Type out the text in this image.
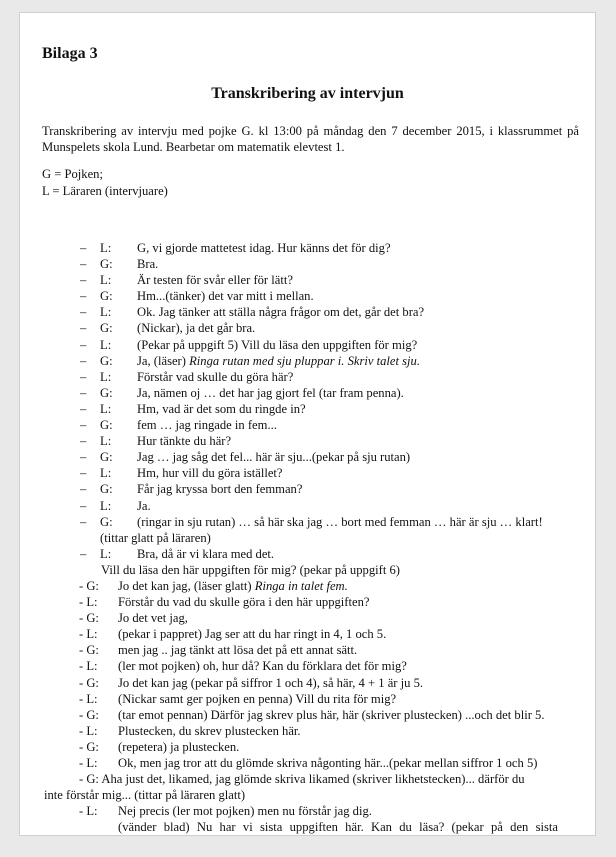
Bilaga 3
Transkribering av intervjun
Transkribering av intervju med pojke G. kl 13:00 på måndag den 7 december 2015, i klassrummet på Munspelets skola Lund. Bearbetar om matematik elevtest 1.
G = Pojken;
L = Läraren (intervjuare)
– L: G, vi gjorde mattetest idag. Hur känns det för dig?
– G: Bra.
– L: Är testen för svår eller för lätt?
– G: Hm...(tänker) det var mitt i mellan.
– L: Ok. Jag tänker att ställa några frågor om det, går det bra?
– G: (Nickar), ja det går bra.
– L: (Pekar på uppgift 5) Vill du läsa den uppgiften för mig?
– G: Ja, (läser) Ringa rutan med sju pluppar i. Skriv talet sju.
– L: Förstår vad skulle du göra här?
– G: Ja, nämen oj … det har jag gjort fel (tar fram penna).
– L: Hm, vad är det som du ringde in?
– G: fem … jag ringade in fem...
– L: Hur tänkte du här?
– G: Jag … jag såg det fel... här är sju...(pekar på sju rutan)
– L: Hm, hur vill du göra istället?
– G: Får jag kryssa bort den femman?
– L: Ja.
– G: (ringar in sju rutan) … så här ska jag … bort med femman … här är sju … klart!
(tittar glatt på läraren)
– L: Bra, då är vi klara med det.
Vill du läsa den här uppgiften för mig? (pekar på uppgift 6)
- G: Jo det kan jag, (läser glatt) Ringa in talet fem.
- L: Förstår du vad du skulle göra i den här uppgiften?
- G: Jo det vet jag,
- L: (pekar i pappret) Jag ser att du har ringt in 4, 1 och 5.
- G: men jag .. jag tänkt att lösa det på ett annat sätt.
- L: (ler mot pojken) oh, hur då? Kan du förklara det för mig?
- G: Jo det kan jag (pekar på siffror 1 och 4), så här, 4 + 1 är ju 5.
- L: (Nickar samt ger pojken en penna) Vill du rita för mig?
- G: (tar emot pennan) Därför jag skrev plus här, här (skriver plustecken) ...och det blir 5.
- L: Plustecken, du skrev plustecken här.
- G: (repetera) ja plustecken.
- L: Ok, men jag tror att du glömde skriva någonting här...(pekar mellan siffror 1 och 5)
- G: Aha just det, likamed, jag glömde skriva likamed (skriver likhetstecken)... därför du
inte förstår mig... (tittar på läraren glatt)
- L: Nej precis (ler mot pojken) men nu förstår jag dig.
(vänder blad) Nu har vi sista uppgiften här. Kan du läsa? (pekar på den sista
